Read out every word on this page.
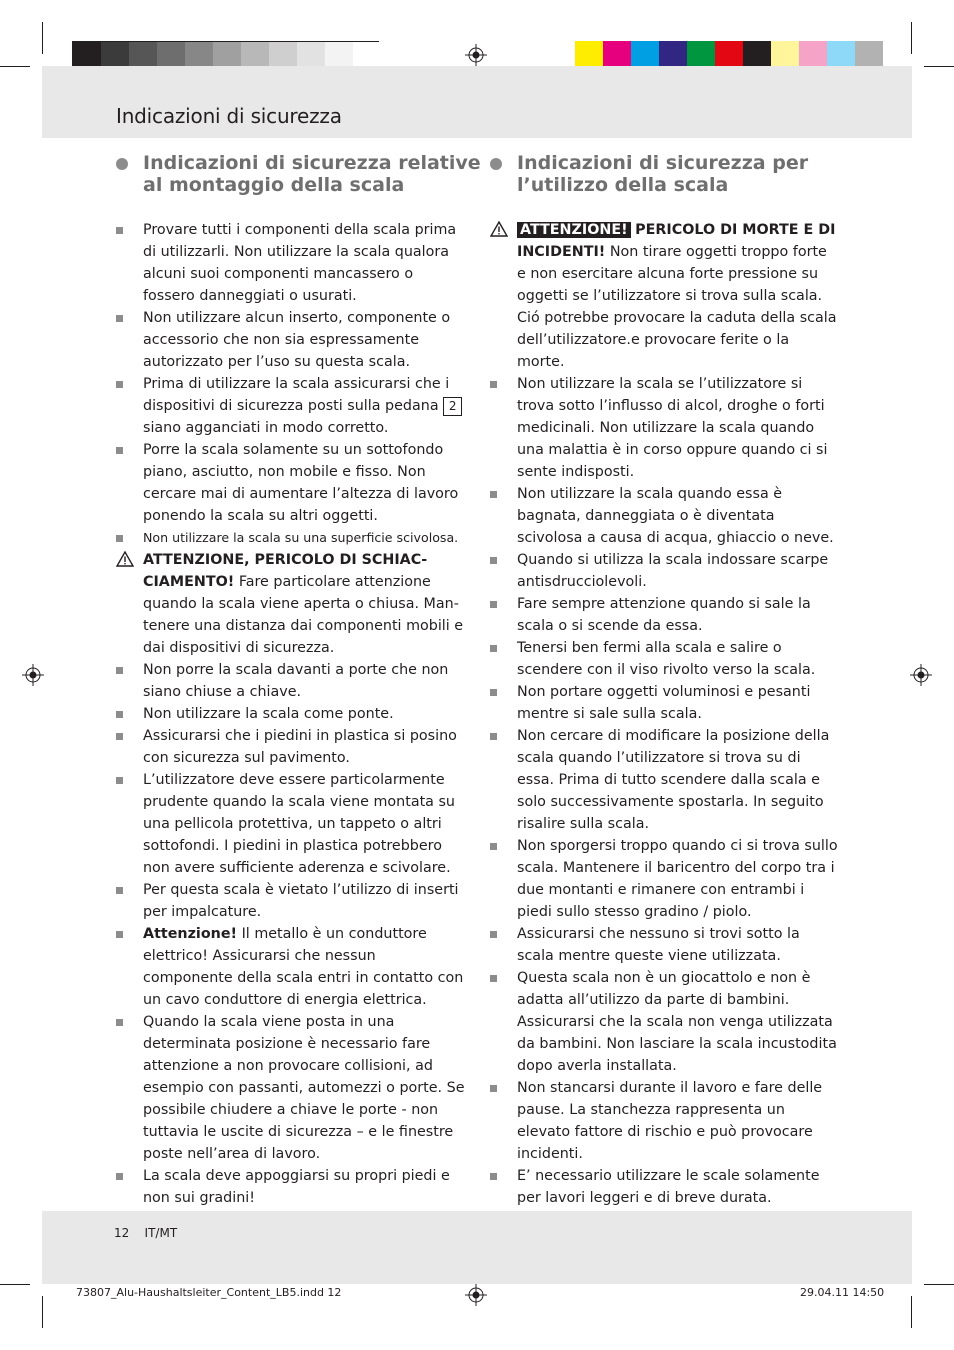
Indicazioni di sicurezza
Indicazioni di sicurezza relative
al montaggio della scala
Indicazioni di sicurezza per
l’utilizzo della scala
Provare tutti i componenti della scala prima di utilizzarli. Non utilizzare la scala qualora alcuni suoi componenti mancassero o fossero danneggiati o usurati.
Non utilizzare alcun inserto, componente o accessorio che non sia espressamente autorizzato per l’uso su questa scala.
Prima di utilizzare la scala assicurarsi che i dispositivi di sicurezza posti sulla pedana 2 siano agganciati in modo corretto.
Porre la scala solamente su un sottofondo piano, asciutto, non mobile e fisso. Non cercare mai di aumentare l’altezza di lavoro ponendo la scala su altri oggetti.
Non utilizzare la scala su una superficie scivolosa.
ATTENZIONE, PERICOLO DI SCHIACCIAMENTO! Fare particolare attenzione quando la scala viene aperta o chiusa. Mantenere una distanza dai componenti mobili e dai dispositivi di sicurezza.
Non porre la scala davanti a porte che non siano chiuse a chiave.
Non utilizzare la scala come ponte.
Assicurarsi che i piedini in plastica si posino con sicurezza sul pavimento.
L’utilizzatore deve essere particolarmente prudente quando la scala viene montata su una pellicola protettiva, un tappeto o altri sottofondi. I piedini in plastica potrebbero non avere sufficiente aderenza e scivolare.
Per questa scala è vietato l’utilizzo di inserti per impalcature.
Attenzione! Il metallo è un conduttore elettrico! Assicurarsi che nessun componente della scala entri in contatto con un cavo conduttore di energia elettrica.
Quando la scala viene posta in una determinata posizione è necessario fare attenzione a non provocare collisioni, ad esempio con passanti, automezzi o porte. Se possibile chiudere a chiave le porte - non tuttavia le uscite di sicurezza – e le finestre poste nell’area di lavoro.
La scala deve appoggiarsi su propri piedi e non sui gradini!
ATTENZIONE! PERICOLO DI MORTE E DI INCIDENTI! Non tirare oggetti troppo forte e non esercitare alcuna forte pressione su oggetti se l’utilizzatore si trova sulla scala. Ció potrebbe provocare la caduta della scala dell’utilizzatore.e provocare ferite o la morte.
Non utilizzare la scala se l’utilizzatore si trova sotto l’influsso di alcol, droghe o forti medicinali. Non utilizzare la scala quando una malattia è in corso oppure quando ci si sente indisposti.
Non utilizzare la scala quando essa è bagnata, danneggiata o è diventata scivolosa a causa di acqua, ghiaccio o neve.
Quando si utilizza la scala indossare scarpe antisdrucciolevoli.
Fare sempre attenzione quando si sale la scala o si scende da essa.
Tenersi ben fermi alla scala e salire o scendere con il viso rivolto verso la scala.
Non portare oggetti voluminosi e pesanti mentre si sale sulla scala.
Non cercare di modificare la posizione della scala quando l’utilizzatore si trova su di essa. Prima di tutto scendere dalla scala e solo successivamente spostarla. In seguito risalire sulla scala.
Non sporgersi troppo quando ci si trova sullo scala. Mantenere il baricentro del corpo tra i due montanti e rimanere con entrambi i piedi sullo stesso gradino / piolo.
Assicurarsi che nessuno si trovi sotto la scala mentre queste viene utilizzata.
Questa scala non è un giocattolo e non è adatta all’utilizzo da parte di bambini. Assicurarsi che la scala non venga utilizzata da bambini. Non lasciare la scala incustodita dopo averla installata.
Non stancarsi durante il lavoro e fare delle pause. La stanchezza rappresenta un elevato fattore di rischio e può provocare incidenti.
E’ necessario utilizzare le scale solamente per lavori leggeri e di breve durata.
12 IT/MT
73807_Alu-Haushaltsleiter_Content_LB5.indd 12	29.04.11 14:50
